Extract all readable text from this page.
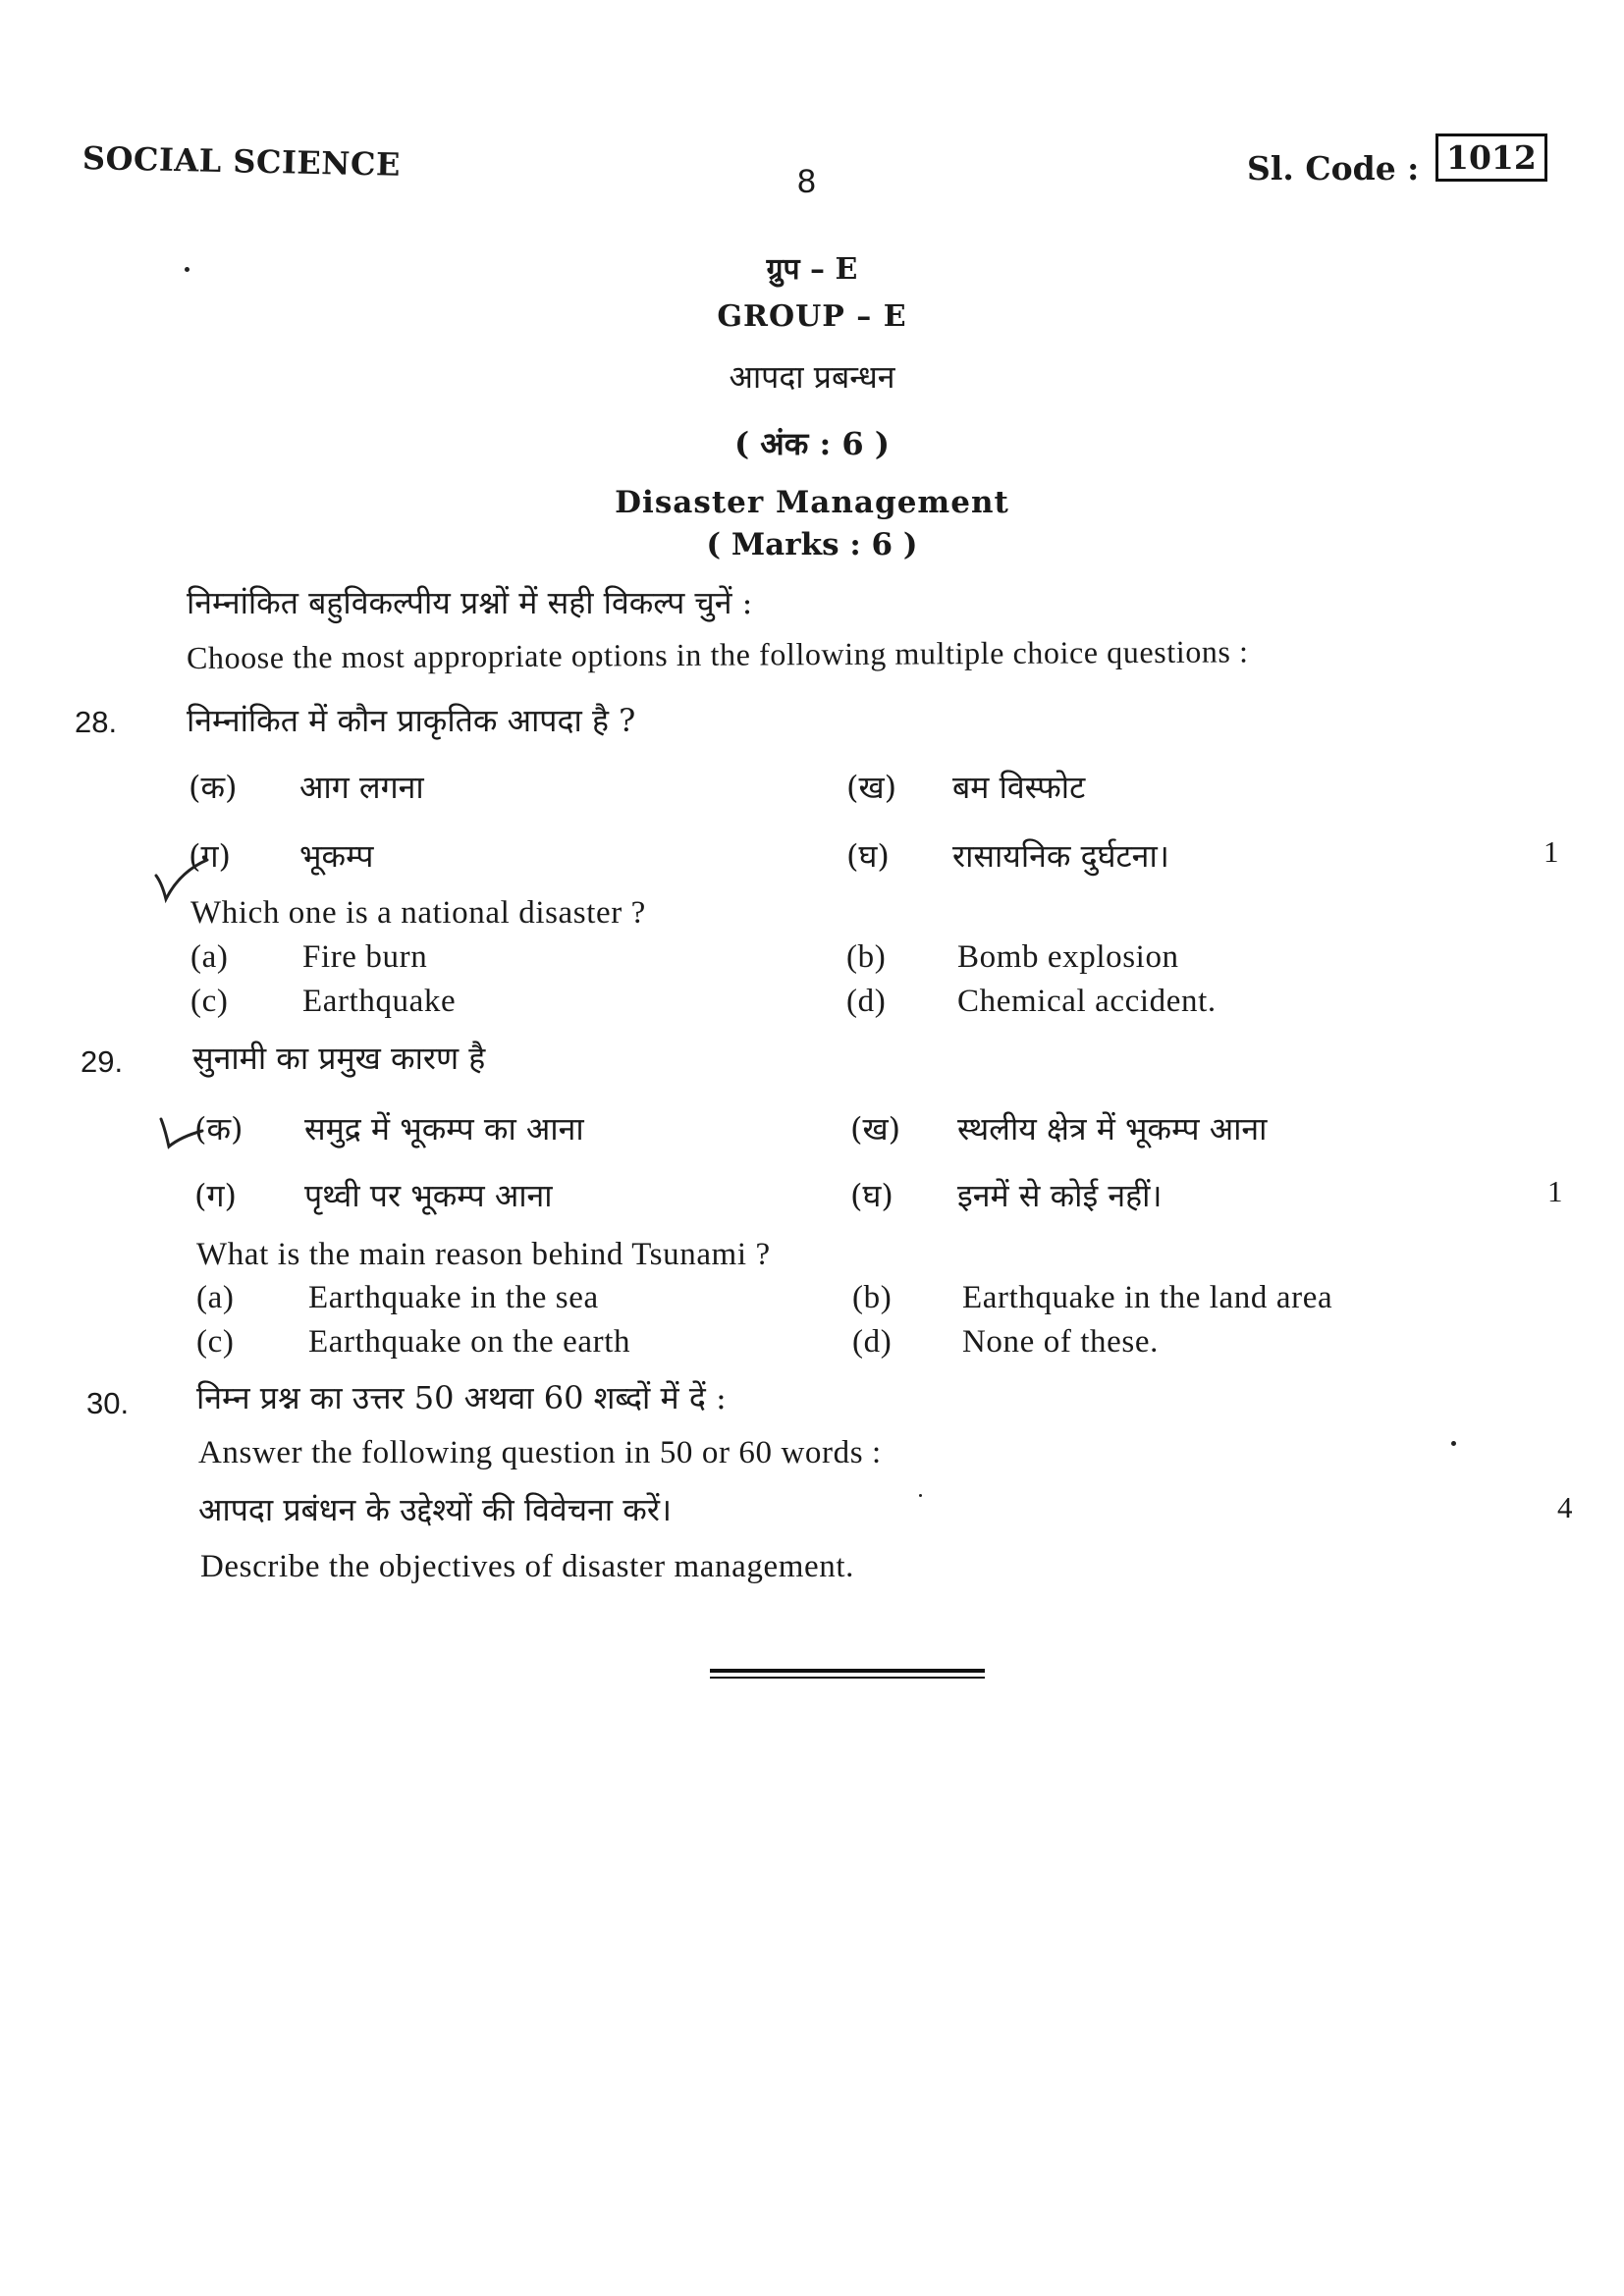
SOCIAL SCIENCE	8	Sl. Code : 1012
ग्रुप – E
GROUP – E
आपदा प्रबन्धन
( अंक : 6 )
Disaster Management
( Marks : 6 )
निम्नांकित बहुविकल्पीय प्रश्नों में सही विकल्प चुनें :
Choose the most appropriate options in the following multiple choice questions :
28. निम्नांकित में कौन प्राकृतिक आपदा है ?
(क) आग लगना	(ख) बम विस्फोट
(ग) भूकम्प	(घ) रासायनिक दुर्घटना।	1
Which one is a national disaster ?
(a) Fire burn	(b) Bomb explosion
(c) Earthquake	(d) Chemical accident.
29. सुनामी का प्रमुख कारण है
(क) समुद्र में भूकम्प का आना	(ख) स्थलीय क्षेत्र में भूकम्प आना
(ग) पृथ्वी पर भूकम्प आना	(घ) इनमें से कोई नहीं।	1
What is the main reason behind Tsunami ?
(a) Earthquake in the sea	(b) Earthquake in the land area
(c) Earthquake on the earth	(d) None of these.
30. निम्न प्रश्न का उत्तर 50 अथवा 60 शब्दों में दें :
Answer the following question in 50 or 60 words :
आपदा प्रबंधन के उद्देश्यों की विवेचना करें।	4
Describe the objectives of disaster management.
